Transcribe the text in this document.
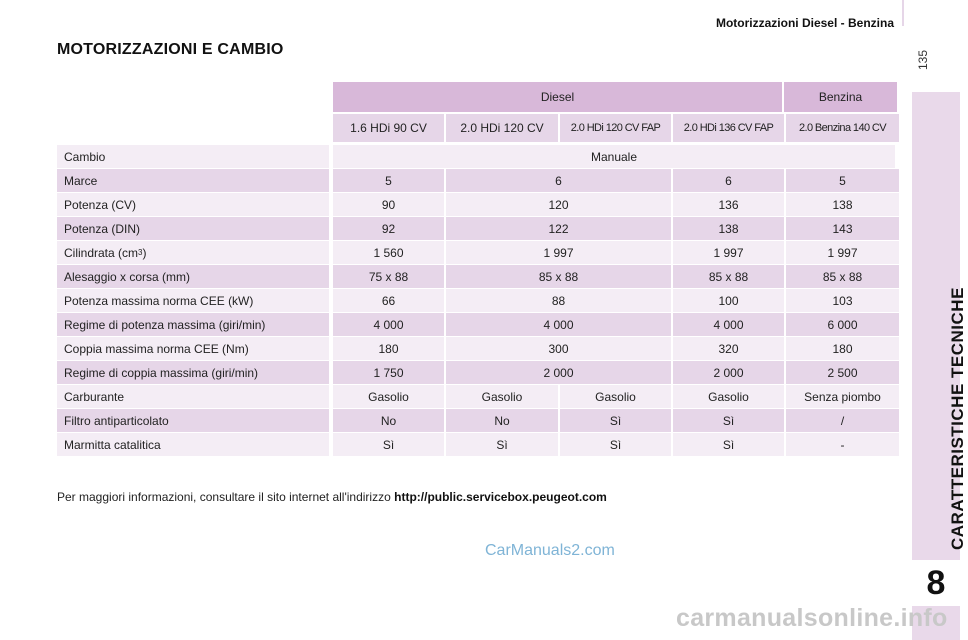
Motorizzazioni Diesel - Benzina
135
CARATTERISTICHE TECNICHE
8
MOTORIZZAZIONI E CAMBIO
Diesel	Benzina
1.6 HDi 90 CV	2.0 HDi 120 CV	2.0 HDi 120 CV FAP	2.0 HDi 136 CV FAP	2.0 Benzina 140 CV
Cambio	Manuale
Marce	5	6	6	5
Potenza (CV)	90	120	136	138
Potenza (DIN)	92	122	138	143
Cilindrata (cm 3 )	1 560	1 997	1 997	1 997
Alesaggio x corsa (mm)	75 x 88	85 x 88	85 x 88	85 x 88
Potenza massima norma CEE (kW)	66	88	100	103
Regime di potenza massima (giri/min)	4 000	4 000	4 000	6 000
Coppia massima norma CEE (Nm)	180	300	320	180
Regime di coppia massima (giri/min)	1 750	2 000	2 000	2 500
Carburante	Gasolio	Gasolio	Gasolio	Gasolio	Senza piombo
Filtro antiparticolato	No	No	Sì	Sì	/
Marmitta catalitica	Sì	Sì	Sì	Sì	-

Per maggiori informazioni, consultare il sito internet all'indirizzo http://public.servicebox.peugeot.com

CarManuals2.com
carmanualsonline.info
